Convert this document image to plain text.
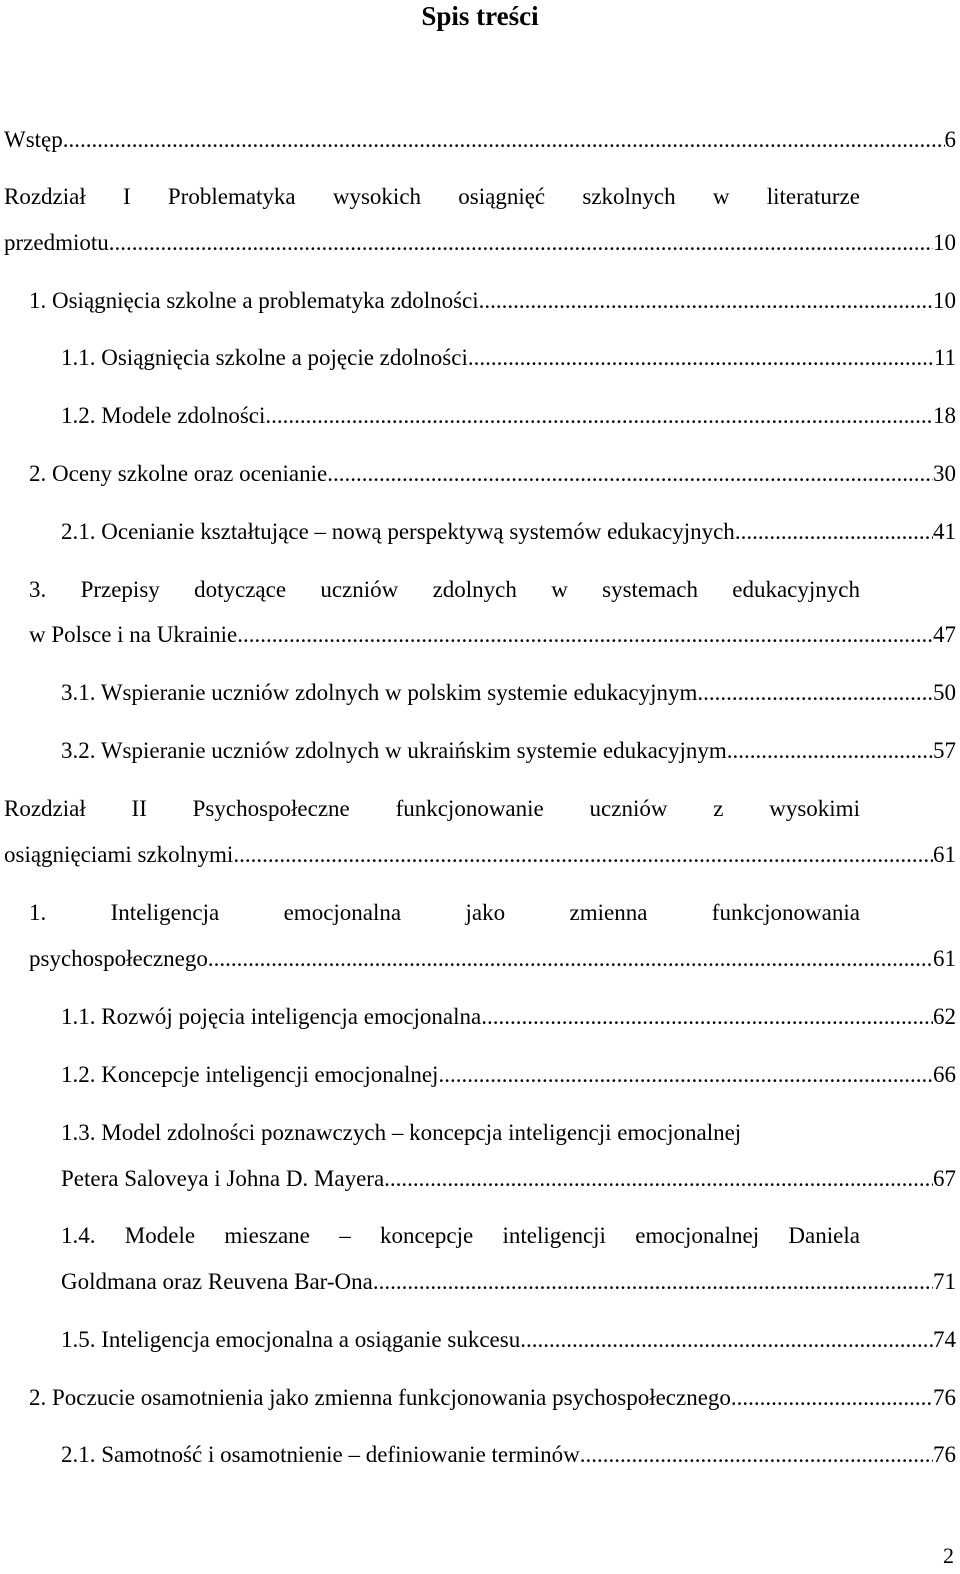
Spis treści
Wstęp .....	6
Rozdział I Problematyka wysokich osiągnięć szkolnych w literaturze
przedmiotu .....	10
1. Osiągnięcia szkolne a problematyka zdolności .....	10
1.1. Osiągnięcia szkolne a pojęcie zdolności .....	11
1.2. Modele zdolności .....	18
2. Oceny szkolne oraz ocenianie .....	30
2.1. Ocenianie kształtujące – nową perspektywą systemów edukacyjnych .....	41
3. Przepisy dotyczące uczniów zdolnych w systemach edukacyjnych
w Polsce i na Ukrainie .....	47
3.1. Wspieranie uczniów zdolnych w polskim systemie edukacyjnym .....	50
3.2. Wspieranie uczniów zdolnych w ukraińskim systemie edukacyjnym .....	57
Rozdział II Psychospołeczne funkcjonowanie uczniów z wysokimi
osiągnięciami szkolnymi .....	61
1.	Inteligencja	emocjonalna	jako	zmienna	funkcjonowania
psychospołecznego .....	61
1.1. Rozwój pojęcia inteligencja emocjonalna .....	62
1.2. Koncepcje inteligencji emocjonalnej .....	66
1.3. Model zdolności poznawczych – koncepcja inteligencji emocjonalnej
Petera Saloveya i Johna D. Mayera .....	67
1.4. Modele mieszane – koncepcje inteligencji emocjonalnej Daniela
Goldmana oraz Reuvena Bar-Ona .....	71
1.5. Inteligencja emocjonalna a osiąganie sukcesu .....	74
2. Poczucie osamotnienia jako zmienna funkcjonowania psychospołecznego .....	76
2.1. Samotność i osamotnienie – definiowanie terminów .....	76
2
